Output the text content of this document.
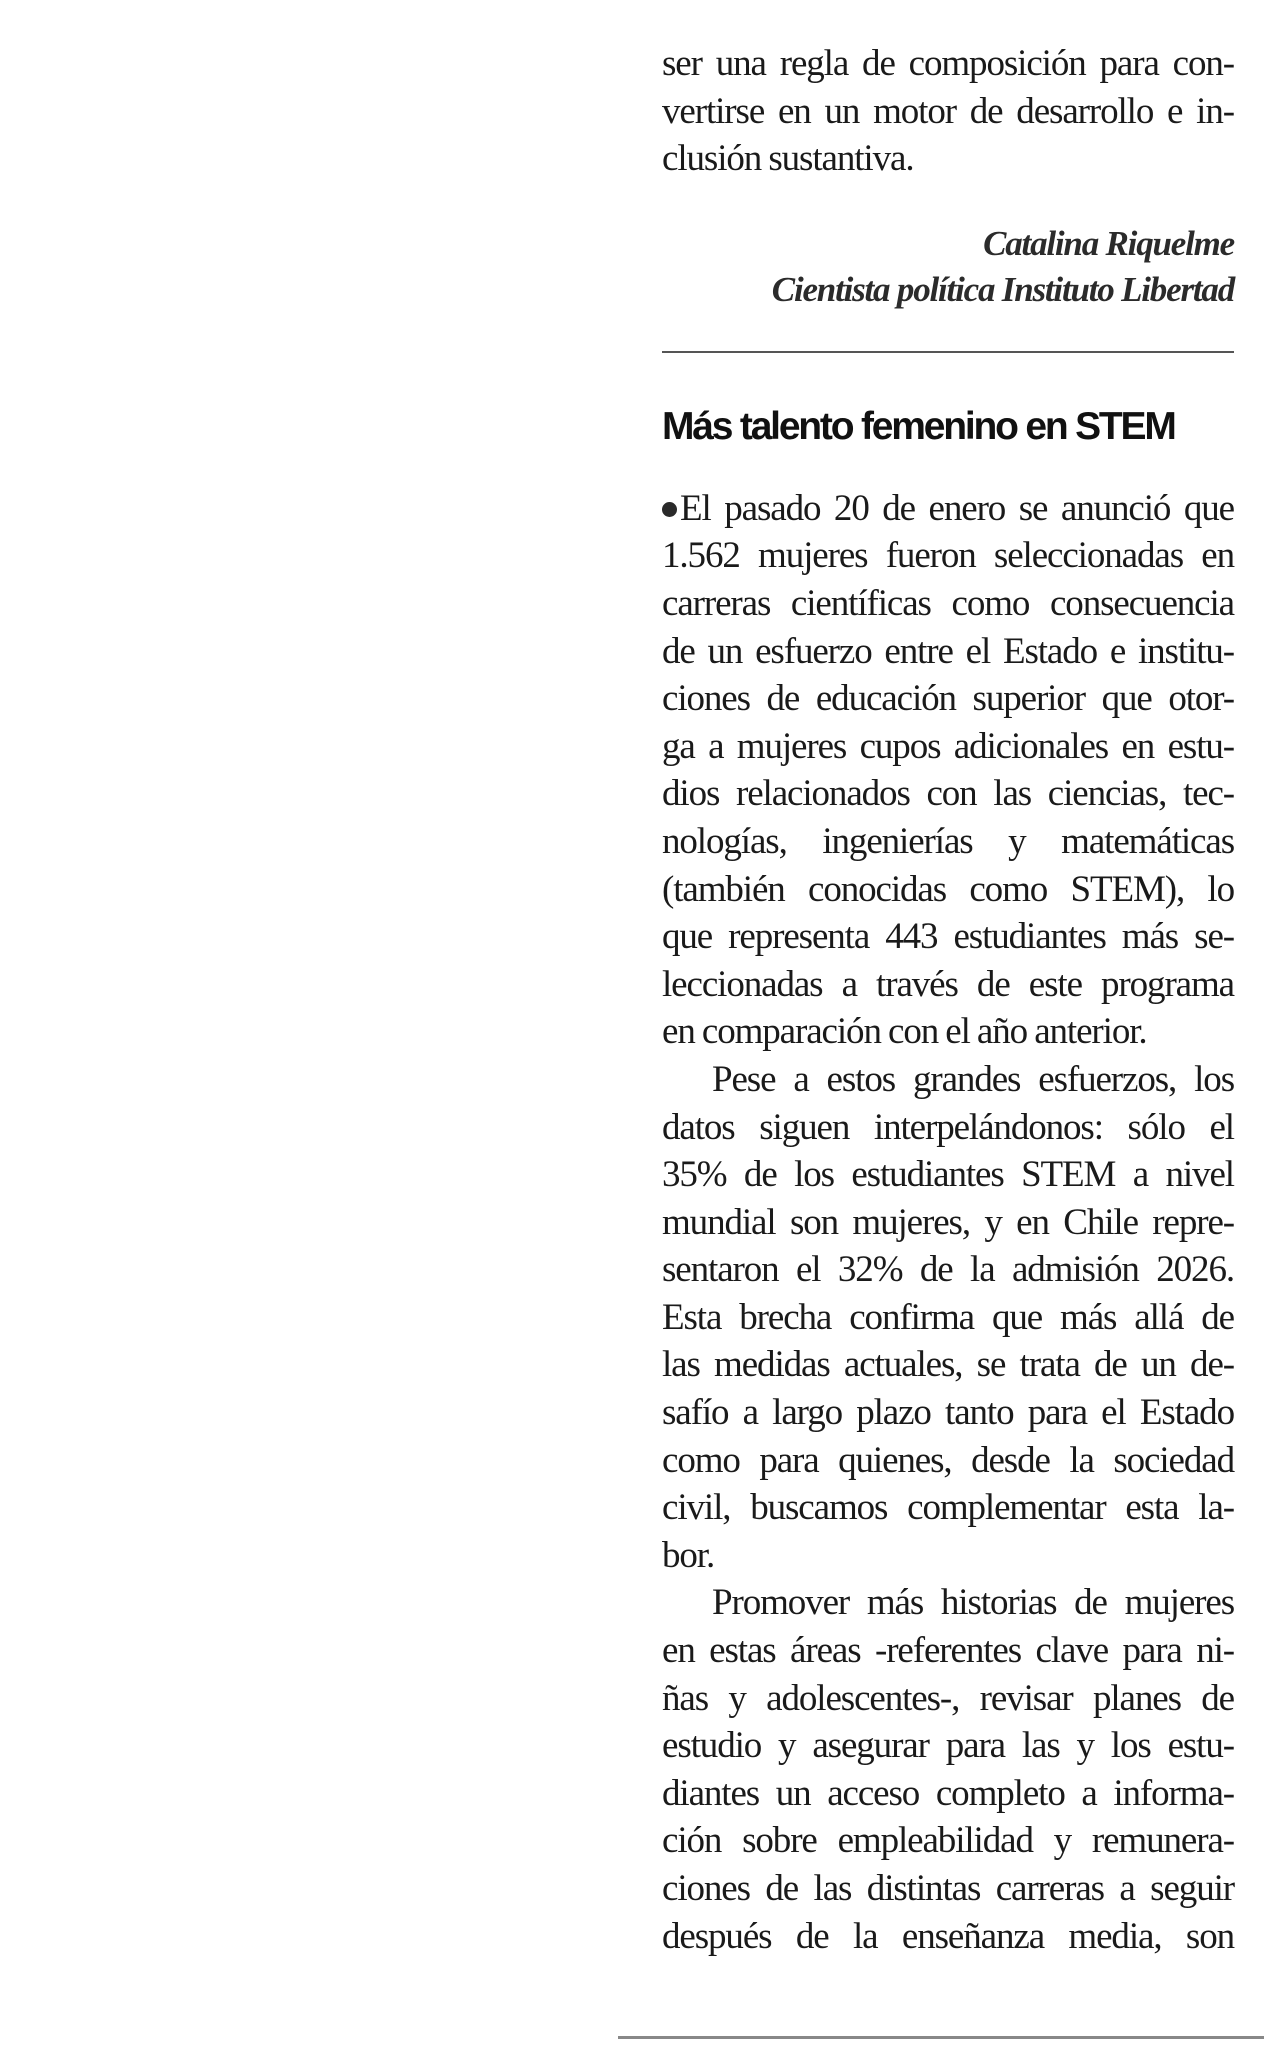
ser una regla de composición para con-
vertirse en un motor de desarrollo e in-
clusión sustantiva.
Catalina Riquelme
Cientista política Instituto Libertad
Más talento femenino en STEM
El pasado 20 de enero se anunció que
1.562 mujeres fueron seleccionadas en
carreras científicas como consecuencia
de un esfuerzo entre el Estado e institu-
ciones de educación superior que otor-
ga a mujeres cupos adicionales en estu-
dios relacionados con las ciencias, tec-
nologías, ingenierías y matemáticas
(también conocidas como STEM), lo
que representa 443 estudiantes más se-
leccionadas a través de este programa
en comparación con el año anterior.
Pese a estos grandes esfuerzos, los
datos siguen interpelándonos: sólo el
35% de los estudiantes STEM a nivel
mundial son mujeres, y en Chile repre-
sentaron el 32% de la admisión 2026.
Esta brecha confirma que más allá de
las medidas actuales, se trata de un de-
safío a largo plazo tanto para el Estado
como para quienes, desde la sociedad
civil, buscamos complementar esta la-
bor.
Promover más historias de mujeres
en estas áreas -referentes clave para ni-
ñas y adolescentes-, revisar planes de
estudio y asegurar para las y los estu-
diantes un acceso completo a informa-
ción sobre empleabilidad y remunera-
ciones de las distintas carreras a seguir
después de la enseñanza media, son
